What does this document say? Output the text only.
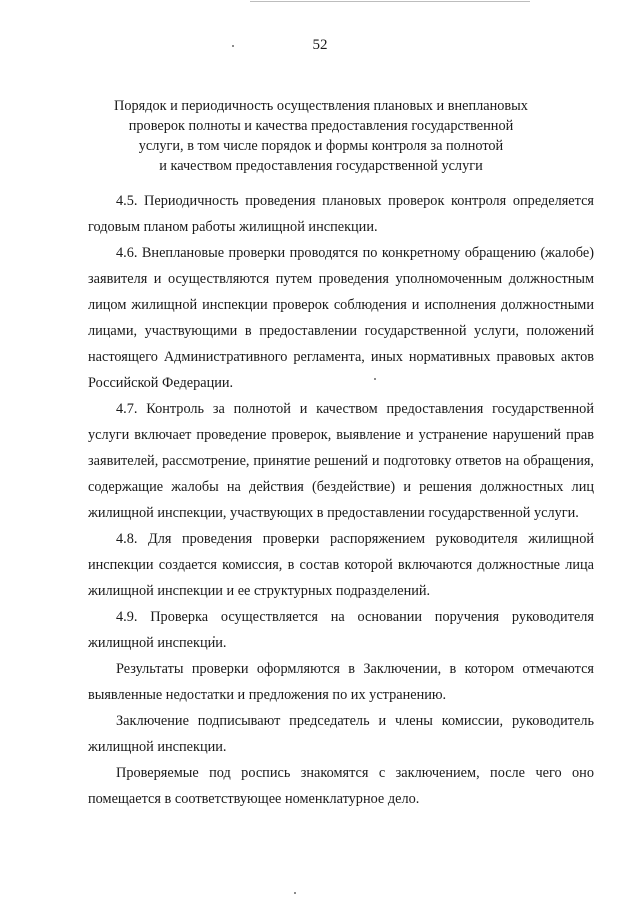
52
Порядок и периодичность осуществления плановых и внеплановых
проверок полноты и качества предоставления государственной
услуги, в том числе порядок и формы контроля за полнотой
и качеством предоставления государственной услуги

4.5. Периодичность проведения плановых проверок контроля определяется годовым планом работы жилищной инспекции.

4.6. Внеплановые проверки проводятся по конкретному обращению (жалобе) заявителя и осуществляются путем проведения уполномоченным должностным лицом жилищной инспекции проверок соблюдения и исполнения должностными лицами, участвующими в предоставлении государственной услуги, положений настоящего Административного регламента, иных нормативных правовых актов Российской Федерации.

4.7. Контроль за полнотой и качеством предоставления государственной услуги включает проведение проверок, выявление и устранение нарушений прав заявителей, рассмотрение, принятие решений и подготовку ответов на обращения, содержащие жалобы на действия (бездействие) и решения должностных лиц жилищной инспекции, участвующих в предоставлении государственной услуги.

4.8. Для проведения проверки распоряжением руководителя жилищной инспекции создается комиссия, в состав которой включаются должностные лица жилищной инспекции и ее структурных подразделений.

4.9. Проверка осуществляется на основании поручения руководителя жилищной инспекции.

Результаты проверки оформляются в Заключении, в котором отмечаются выявленные недостатки и предложения по их устранению.

Заключение подписывают председатель и члены комиссии, руководитель жилищной инспекции.

Проверяемые под роспись знакомятся с заключением, после чего оно помещается в соответствующее номенклатурное дело.
